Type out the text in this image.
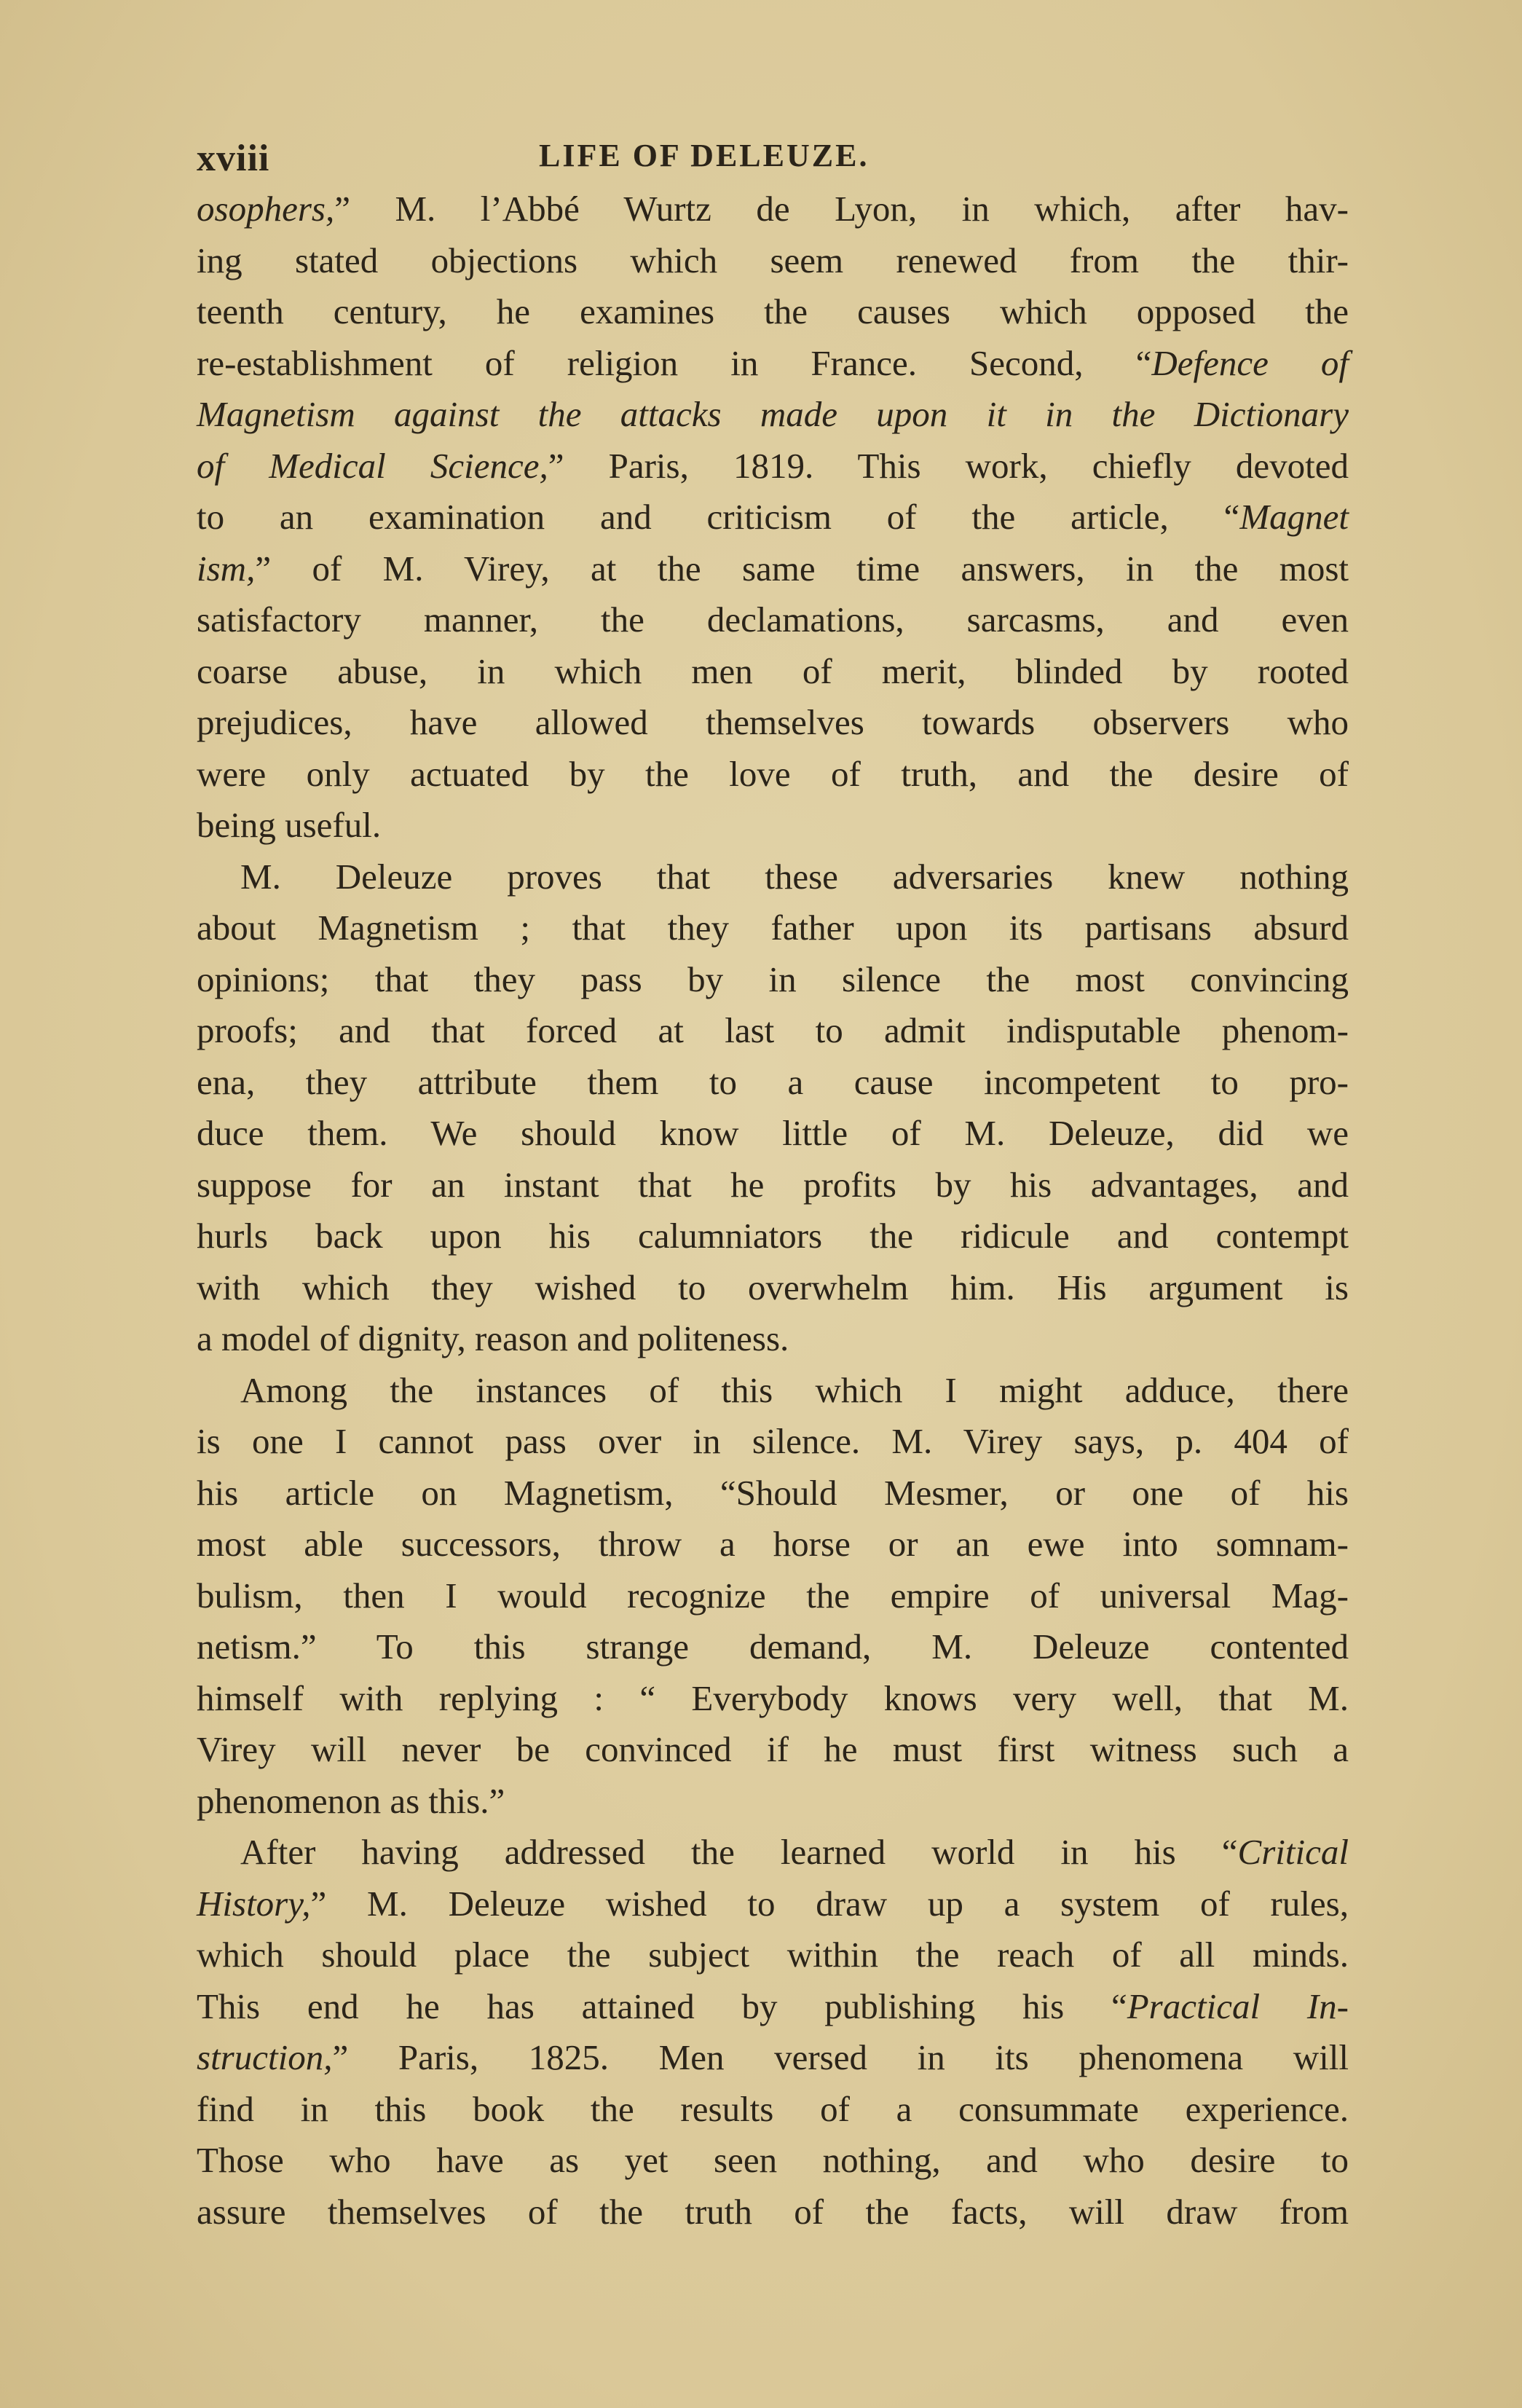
xviii	LIFE OF DELEUZE.
osophers,” M. l’Abbé Wurtz de Lyon, in which, after hav-
ing stated objections which seem renewed from the thir-
teenth century, he examines the causes which opposed the
re-establishment of religion in France. Second, “Defence of
Magnetism against the attacks made upon it in the Dictionary
of Medical Science,” Paris, 1819. This work, chiefly devoted
to an examination and criticism of the article, “Magnet
ism,” of M. Virey, at the same time answers, in the most
satisfactory manner, the declamations, sarcasms, and even
coarse abuse, in which men of merit, blinded by rooted
prejudices, have allowed themselves towards observers who
were only actuated by the love of truth, and the desire of
being useful.
M. Deleuze proves that these adversaries knew nothing
about Magnetism ; that they father upon its partisans absurd
opinions; that they pass by in silence the most convincing
proofs; and that forced at last to admit indisputable phenom-
ena, they attribute them to a cause incompetent to pro-
duce them. We should know little of M. Deleuze, did we
suppose for an instant that he profits by his advantages, and
hurls back upon his calumniators the ridicule and contempt
with which they wished to overwhelm him. His argument is
a model of dignity, reason and politeness.
Among the instances of this which I might adduce, there
is one I cannot pass over in silence. M. Virey says, p. 404 of
his article on Magnetism, “Should Mesmer, or one of his
most able successors, throw a horse or an ewe into somnam-
bulism, then I would recognize the empire of universal Mag-
netism.” To this strange demand, M. Deleuze contented
himself with replying : “ Everybody knows very well, that M.
Virey will never be convinced if he must first witness such a
phenomenon as this.”
After having addressed the learned world in his “Critical
History,” M. Deleuze wished to draw up a system of rules,
which should place the subject within the reach of all minds.
This end he has attained by publishing his “Practical In-
struction,” Paris, 1825. Men versed in its phenomena will
find in this book the results of a consummate experience.
Those who have as yet seen nothing, and who desire to
assure themselves of the truth of the facts, will draw from
